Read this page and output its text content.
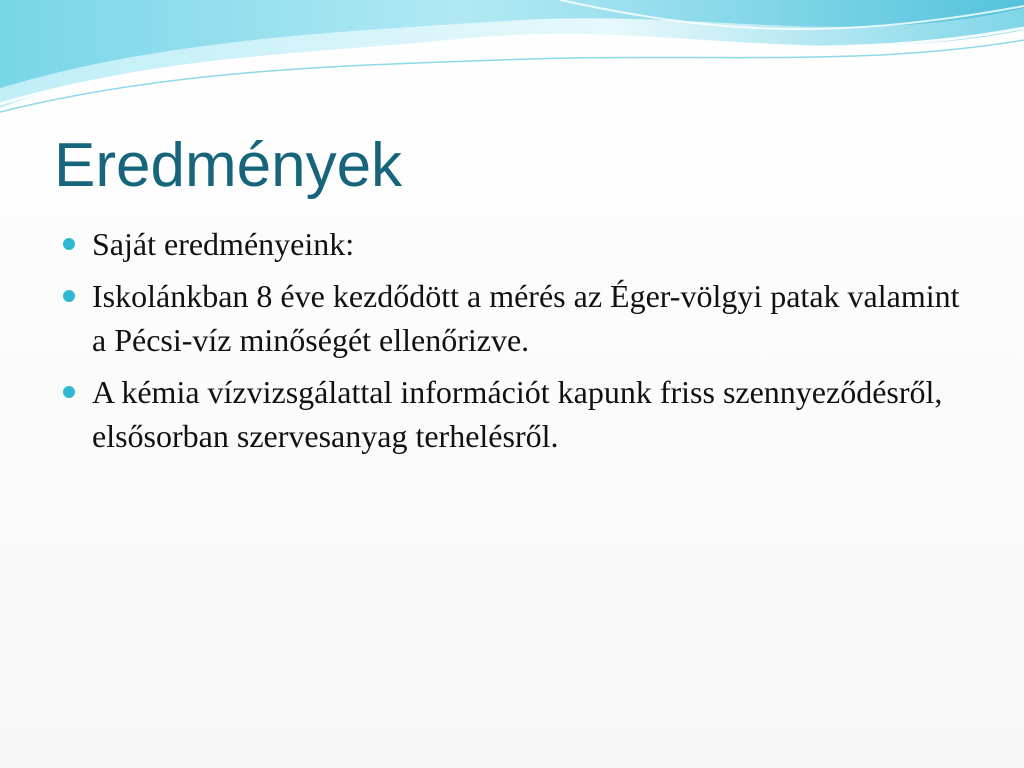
Eredmények
Saját eredményeink:
Iskolánkban 8 éve kezdődött a mérés az Éger-völgyi patak valamint a Pécsi-víz minőségét ellenőrizve.
A kémia vízvizsgálattal információt kapunk friss szennyeződésről, elsősorban szervesanyag terhelésről.
